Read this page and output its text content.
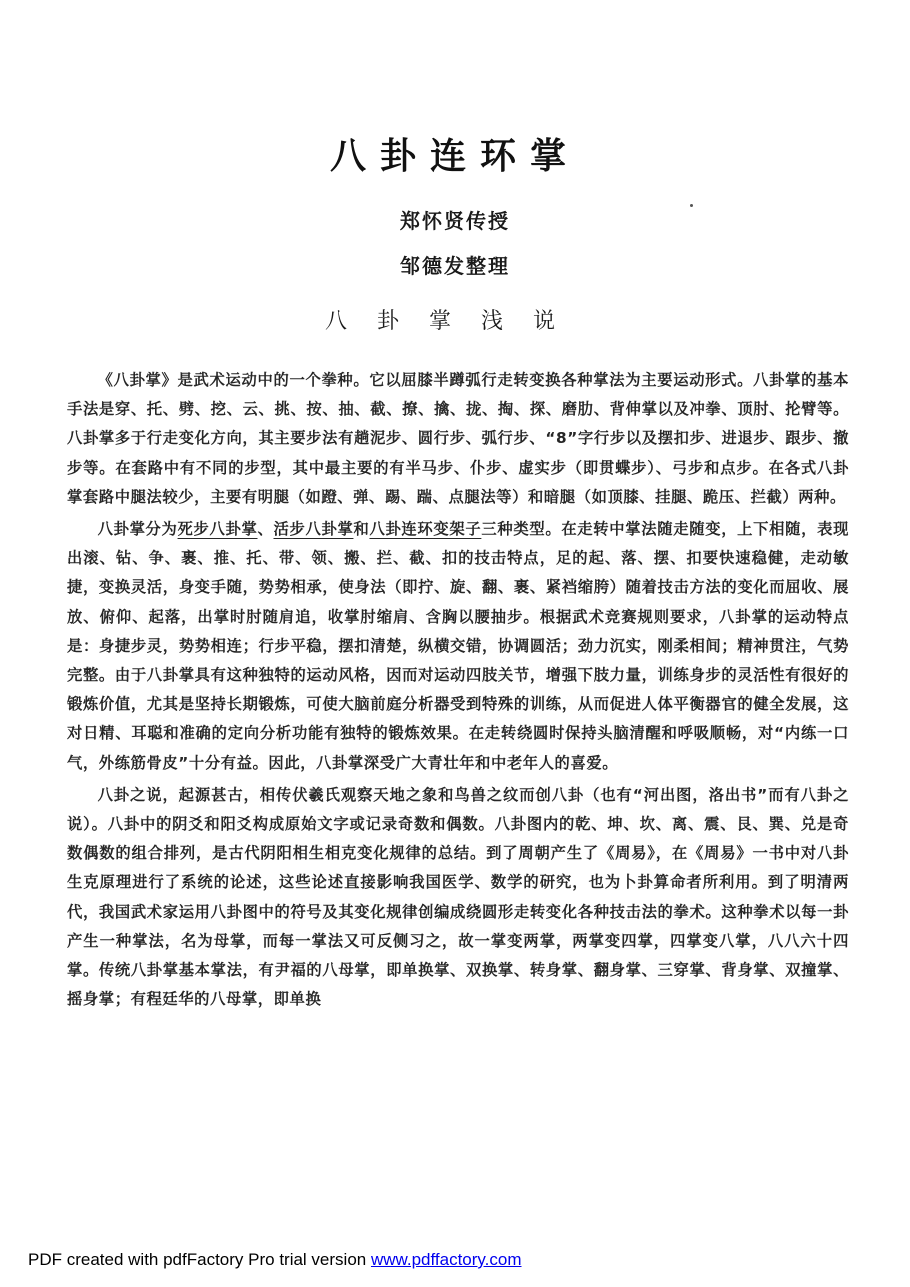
八卦连环掌
郑怀贤传授
邹德发整理
八卦掌浅说

《八卦掌》是武术运动中的一个拳种。它以屈膝半蹲弧行走转变换各种掌法为主要运动形式。八卦掌的基本手法是穿、托、劈、挖、云、挑、按、抽、截、撩、擒、拢、掏、探、磨肋、背伸掌以及冲拳、顶肘、抡臂等。八卦掌多于行走变化方向，其主要步法有趟泥步、圆行步、弧行步、“8”字行步以及摆扣步、进退步、跟步、撤步等。在套路中有不同的步型，其中最主要的有半马步、仆步、虚实步（即贯蝶步）、弓步和点步。在各式八卦掌套路中腿法较少，主要有明腿（如蹬、弹、踢、踹、点腿法等）和暗腿（如顶膝、挂腿、跪压、拦截）两种。

八卦掌分为死步八卦掌、活步八卦掌和八卦连环变架子三种类型。在走转中掌法随走随变，上下相随，表现出滚、钻、争、裹、推、托、带、领、搬、拦、截、扣的技击特点，足的起、落、摆、扣要快速稳健，走动敏捷，变换灵活，身变手随，势势相承，使身法（即拧、旋、翻、裹、紧裆缩胯）随着技击方法的变化而屈收、展放、俯仰、起落，出掌时肘随肩追，收掌肘缩肩、含胸以腰抽步。根据武术竞赛规则要求，八卦掌的运动特点是：身捷步灵，势势相连；行步平稳，摆扣清楚，纵横交错，协调圆活；劲力沉实，刚柔相间；精神贯注，气势完整。由于八卦掌具有这种独特的运动风格，因而对运动四肢关节，增强下肢力量，训练身步的灵活性有很好的锻炼价值，尤其是坚持长期锻炼，可使大脑前庭分析器受到特殊的训练，从而促进人体平衡器官的健全发展，这对日精、耳聪和准确的定向分析功能有独特的锻炼效果。在走转绕圆时保持头脑清醒和呼吸顺畅，对“内练一口气，外练筋骨皮”十分有益。因此，八卦掌深受广大青壮年和中老年人的喜爱。

八卦之说，起源甚古，相传伏羲氏观察天地之象和鸟兽之纹而创八卦（也有“河出图，洛出书”而有八卦之说）。八卦中的阴爻和阳爻构成原始文字或记录奇数和偶数。八卦图内的乾、坤、坎、离、震、艮、巽、兑是奇数偶数的组合排列，是古代阴阳相生相克变化规律的总结。到了周朝产生了《周易》，在《周易》一书中对八卦生克原理进行了系统的论述，这些论述直接影响我国医学、数学的研究，也为卜卦算命者所利用。到了明清两代，我国武术家运用八卦图中的符号及其变化规律创编成绕圆形走转变化各种技击法的拳术。这种拳术以每一卦产生一种掌法，名为母掌，而每一掌法又可反侧习之，故一掌变两掌，两掌变四掌，四掌变八掌，八八六十四掌。传统八卦掌基本掌法，有尹福的八母掌，即单换掌、双换掌、转身掌、翻身掌、三穿掌、背身掌、双撞掌、摇身掌；有程廷华的八母掌，即单换

PDF created with pdfFactory Pro trial version www.pdffactory.com
